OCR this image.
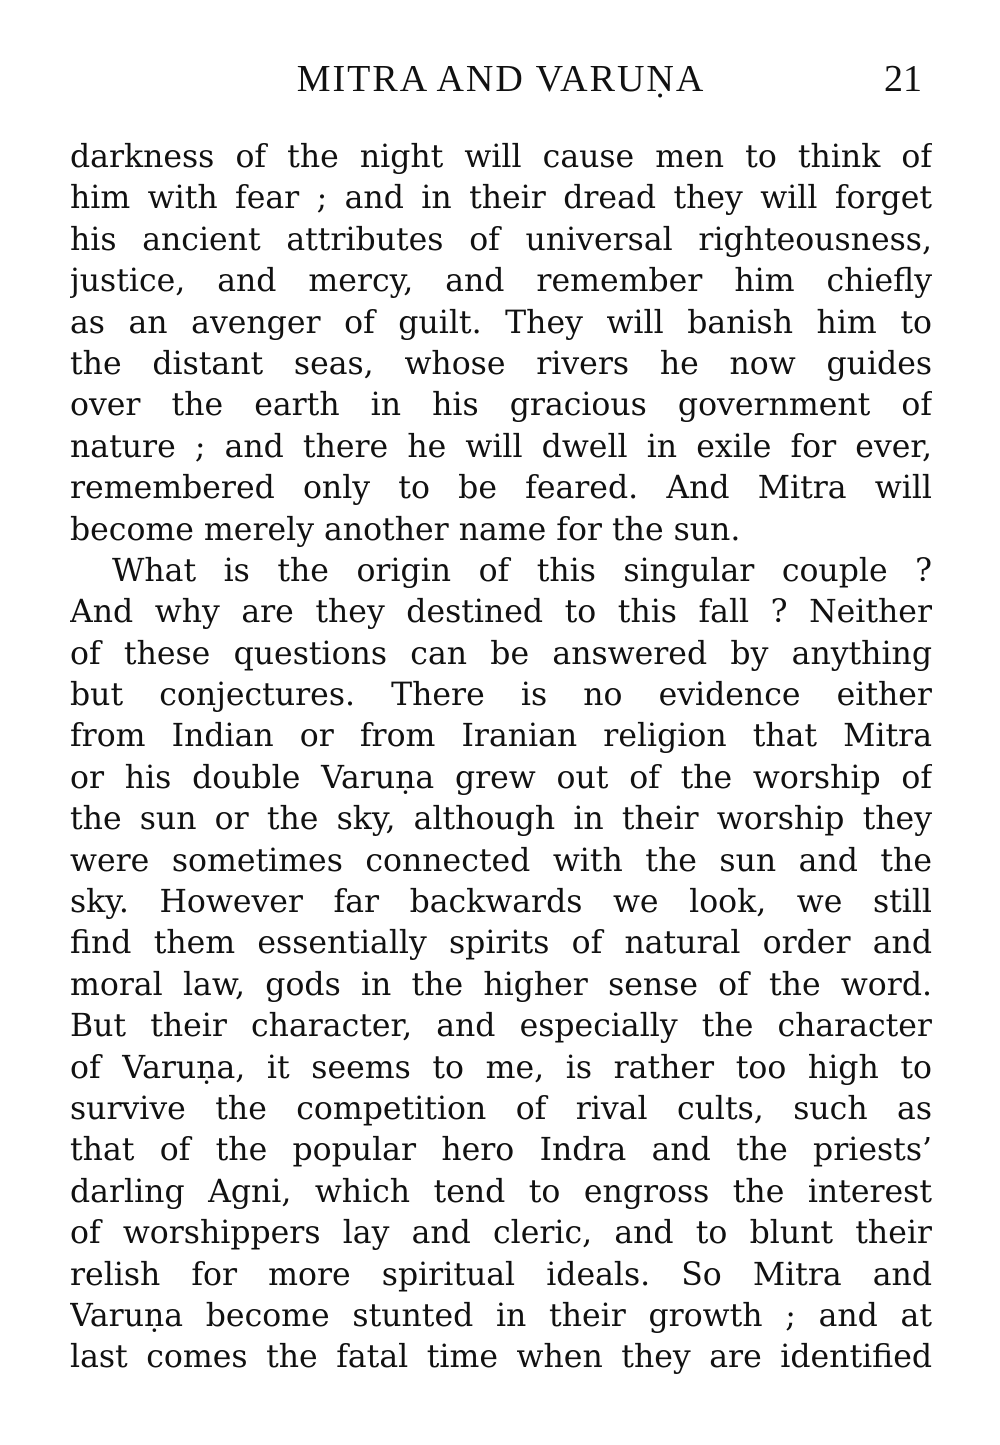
MITRA AND VARUṆA	21
darkness of the night will cause men to think of
him with fear ; and in their dread they will forget
his ancient attributes of universal righteousness,
justice, and mercy, and remember him chiefly
as an avenger of guilt. They will banish him to
the distant seas, whose rivers he now guides
over the earth in his gracious government of
nature ; and there he will dwell in exile for ever,
remembered only to be feared. And Mitra will
become merely another name for the sun.
What is the origin of this singular couple ?
And why are they destined to this fall ? Neither
of these questions can be answered by anything
but conjectures. There is no evidence either
from Indian or from Iranian religion that Mitra
or his double Varuṇa grew out of the worship of
the sun or the sky, although in their worship they
were sometimes connected with the sun and the
sky. However far backwards we look, we still
find them essentially spirits of natural order and
moral law, gods in the higher sense of the word.
But their character, and especially the character
of Varuṇa, it seems to me, is rather too high to
survive the competition of rival cults, such as
that of the popular hero Indra and the priests’
darling Agni, which tend to engross the interest
of worshippers lay and cleric, and to blunt their
relish for more spiritual ideals. So Mitra and
Varuṇa become stunted in their growth ; and at
last comes the fatal time when they are identified
